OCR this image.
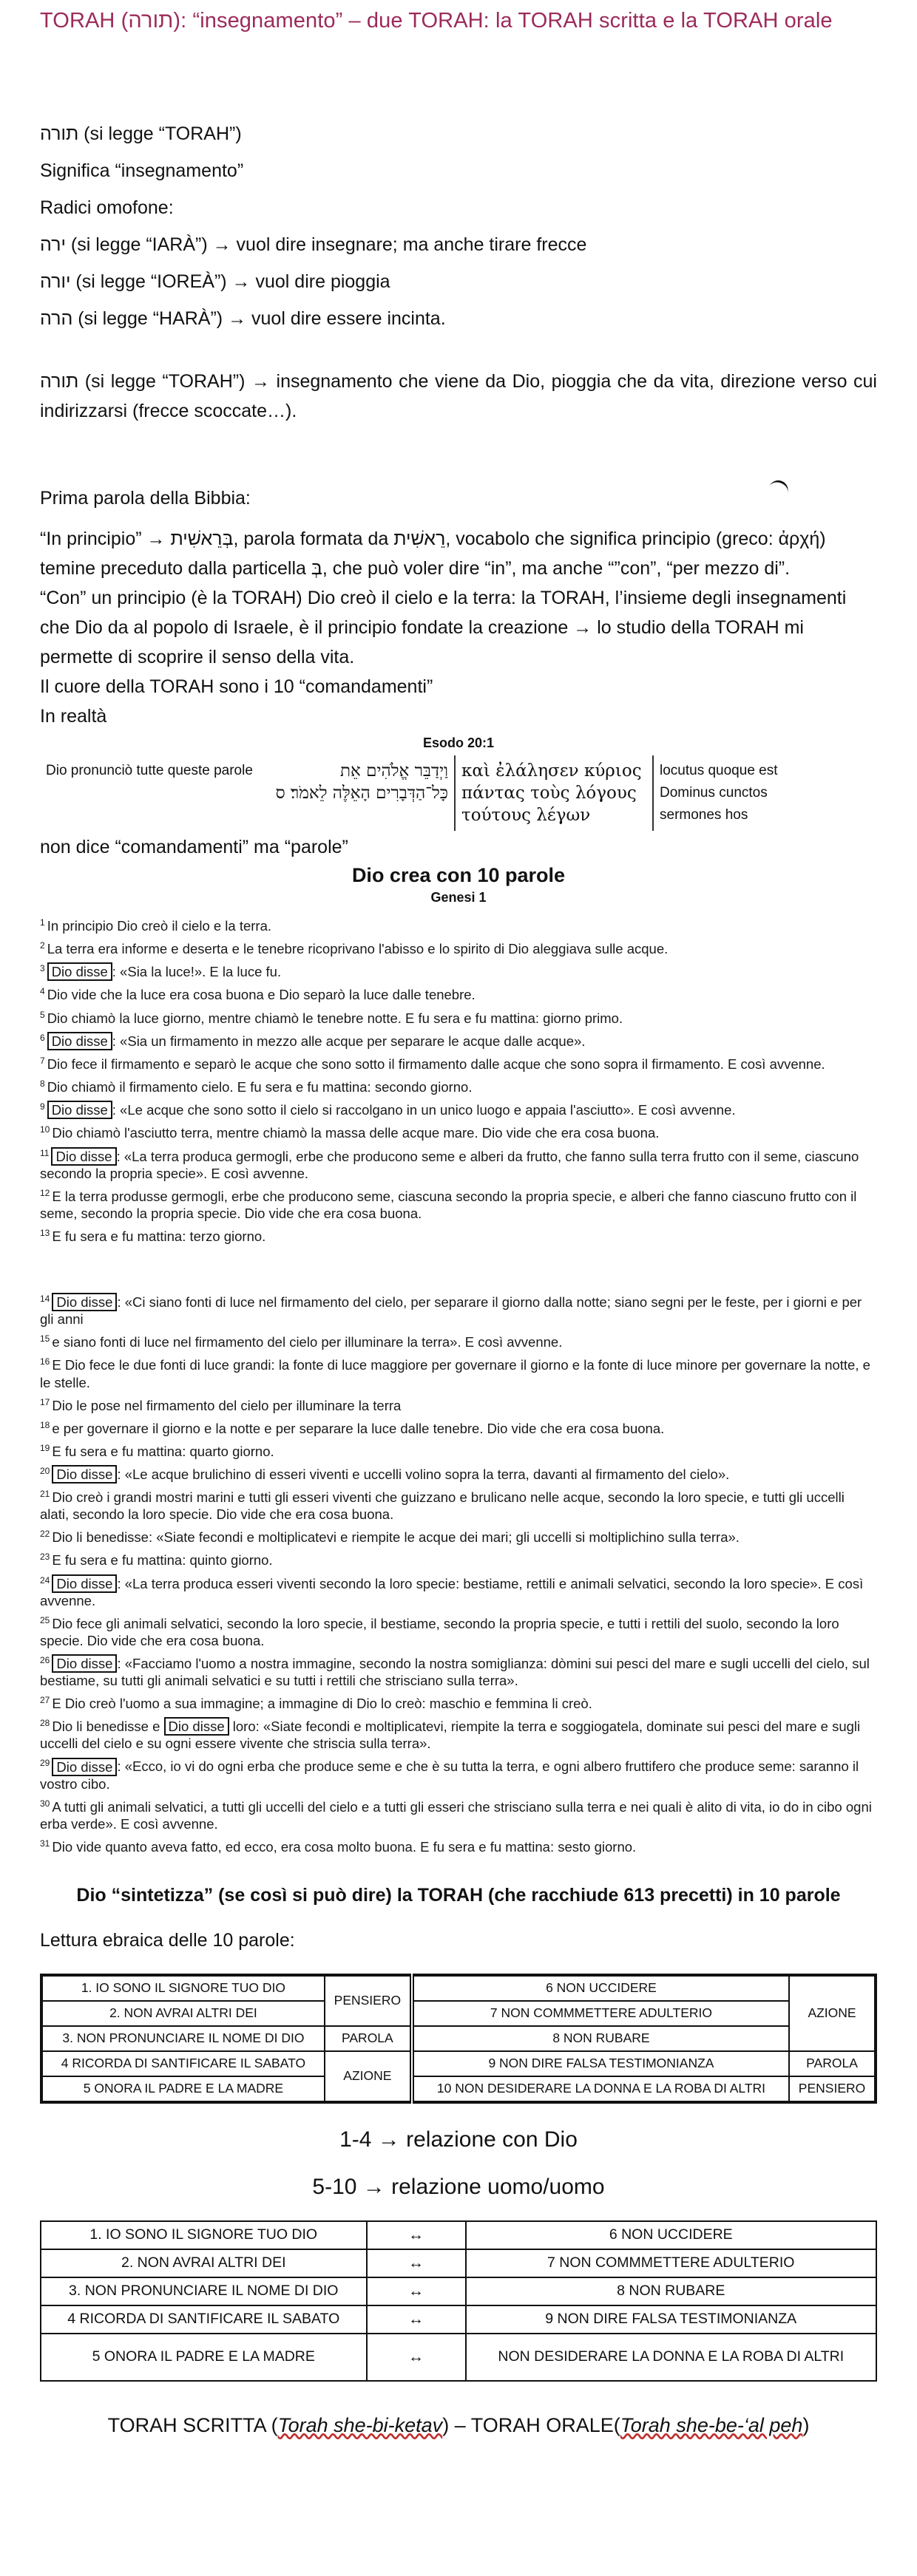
TORAH (תורה): “insegnamento” – due TORAH: la TORAH scritta e la TORAH orale
תורה (si legge “TORAH”)
Significa “insegnamento”
Radici omofone:
ירה (si legge “IARÀ”) → vuol dire insegnare; ma anche tirare frecce
יורה (si legge “IOREÀ”) → vuol dire pioggia
הרה (si legge “HARÀ”) → vuol dire essere incinta.
תורה (si legge “TORAH”) → insegnamento che viene da Dio, pioggia che da vita, direzione verso cui indirizzarsi (frecce scoccate…).
Prima parola della Bibbia:
“In principio” → בְּרֵאשִׁית, parola formata da רֵאשִׁית, vocabolo che significa principio (greco: ἀρχή) temine preceduto dalla particella בְּ, che può voler dire “in”, ma anche “”con”, “per mezzo di”.
“Con” un principio (è la TORAH) Dio creò il cielo e la terra: la TORAH, l’insieme degli insegnamenti che Dio da al popolo di Israele, è il principio fondate la creazione → lo studio della TORAH mi permette di scoprire il senso della vita.
Il cuore della TORAH sono i 10 “comandamenti”
In realtà
Esodo 20:1
Dio pronunciò tutte queste parole	וַיְדַבֵּר אֱלֹהִים אֵת כָּל־הַדְּבָרִים הָאֵלֶּה לֵאמֹר׃ ס
καὶ ἐλάλησεν κύριος πάντας τοὺς λόγους τούτους λέγων
locutus quoque est Dominus cunctos sermones hos
non dice “comandamenti” ma “parole”
Dio crea con 10 parole
Genesi 1
$^1$ In principio Dio creò il cielo e la terra.
$^2$ La terra era informe e deserta e le tenebre ricoprivano l'abisso e lo spirito di Dio aleggiava sulle acque.
$^3$ Dio disse : «Sia la luce!». E la luce fu.
$^4$ Dio vide che la luce era cosa buona e Dio separò la luce dalle tenebre.
$^5$ Dio chiamò la luce giorno, mentre chiamò le tenebre notte. E fu sera e fu mattina: giorno primo.
$^6$ Dio disse : «Sia un firmamento in mezzo alle acque per separare le acque dalle acque».
$^7$ Dio fece il firmamento e separò le acque che sono sotto il firmamento dalle acque che sono sopra il firmamento. E così avvenne.
$^8$ Dio chiamò il firmamento cielo. E fu sera e fu mattina: secondo giorno.
$^9$ Dio disse : «Le acque che sono sotto il cielo si raccolgano in un unico luogo e appaia l'asciutto». E così avvenne.
$^{10}$ Dio chiamò l'asciutto terra, mentre chiamò la massa delle acque mare. Dio vide che era cosa buona.
$^{11}$ Dio disse : «La terra produca germogli, erbe che producono seme e alberi da frutto, che fanno sulla terra frutto con il seme, ciascuno secondo la propria specie». E così avvenne.
$^{12}$ E la terra produsse germogli, erbe che producono seme, ciascuna secondo la propria specie, e alberi che fanno ciascuno frutto con il seme, secondo la propria specie. Dio vide che era cosa buona.
$^{13}$ E fu sera e fu mattina: terzo giorno.
$^{14}$ Dio disse : «Ci siano fonti di luce nel firmamento del cielo, per separare il giorno dalla notte; siano segni per le feste, per i giorni e per gli anni
$^{15}$ e siano fonti di luce nel firmamento del cielo per illuminare la terra». E così avvenne.
$^{16}$ E Dio fece le due fonti di luce grandi: la fonte di luce maggiore per governare il giorno e la fonte di luce minore per governare la notte, e le stelle.
$^{17}$ Dio le pose nel firmamento del cielo per illuminare la terra
$^{18}$ e per governare il giorno e la notte e per separare la luce dalle tenebre. Dio vide che era cosa buona.
$^{19}$ E fu sera e fu mattina: quarto giorno.
$^{20}$ Dio disse : «Le acque brulichino di esseri viventi e uccelli volino sopra la terra, davanti al firmamento del cielo».
$^{21}$ Dio creò i grandi mostri marini e tutti gli esseri viventi che guizzano e brulicano nelle acque, secondo la loro specie, e tutti gli uccelli alati, secondo la loro specie. Dio vide che era cosa buona.
$^{22}$ Dio li benedisse: «Siate fecondi e moltiplicatevi e riempite le acque dei mari; gli uccelli si moltiplichino sulla terra».
$^{23}$ E fu sera e fu mattina: quinto giorno.
$^{24}$ Dio disse : «La terra produca esseri viventi secondo la loro specie: bestiame, rettili e animali selvatici, secondo la loro specie». E così avvenne.
$^{25}$ Dio fece gli animali selvatici, secondo la loro specie, il bestiame, secondo la propria specie, e tutti i rettili del suolo, secondo la loro specie. Dio vide che era cosa buona.
$^{26}$ Dio disse : «Facciamo l'uomo a nostra immagine, secondo la nostra somiglianza: dòmini sui pesci del mare e sugli uccelli del cielo, sul bestiame, su tutti gli animali selvatici e su tutti i rettili che strisciano sulla terra».
$^{27}$ E Dio creò l'uomo a sua immagine; a immagine di Dio lo creò: maschio e femmina li creò.
$^{28}$ Dio li benedisse e Dio disse loro: «Siate fecondi e moltiplicatevi, riempite la terra e soggiogatela, dominate sui pesci del mare e sugli uccelli del cielo e su ogni essere vivente che striscia sulla terra».
$^{29}$ Dio disse : «Ecco, io vi do ogni erba che produce seme e che è su tutta la terra, e ogni albero fruttifero che produce seme: saranno il vostro cibo.
$^{30}$ A tutti gli animali selvatici, a tutti gli uccelli del cielo e a tutti gli esseri che strisciano sulla terra e nei quali è alito di vita, io do in cibo ogni erba verde». E così avvenne.
$^{31}$ Dio vide quanto aveva fatto, ed ecco, era cosa molto buona. E fu sera e fu mattina: sesto giorno.
Dio “sintetizza” (se così si può dire) la TORAH (che racchiude 613 precetti) in 10 parole
Lettura ebraica delle 10 parole:
1. IO SONO IL SIGNORE TUO DIO	PENSIERO	6 NON UCCIDERE	AZIONE
2. NON AVRAI ALTRI DEI		7 NON COMMMETTERE ADULTERIO	
3. NON PRONUNCIARE IL NOME DI DIO	PAROLA	8 NON RUBARE	
4 RICORDA DI SANTIFICARE IL SABATO	AZIONE	9 NON DIRE FALSA TESTIMONIANZA	PAROLA
5 ONORA IL PADRE E LA MADRE		10 NON DESIDERARE LA DONNA E LA ROBA DI ALTRI	PENSIERO
1-4 → relazione con Dio
5-10 → relazione uomo/uomo
1. IO SONO IL SIGNORE TUO DIO	↔	6 NON UCCIDERE
2. NON AVRAI ALTRI DEI	↔	7 NON COMMMETTERE ADULTERIO
3. NON PRONUNCIARE IL NOME DI DIO	↔	8 NON RUBARE
4 RICORDA DI SANTIFICARE IL SABATO	↔	9 NON DIRE FALSA TESTIMONIANZA
5 ONORA IL PADRE E LA MADRE	↔	NON DESIDERARE LA DONNA E LA ROBA DI ALTRI
TORAH SCRITTA (Torah she-bi-ketav) – TORAH ORALE(Torah she-be-‘al peh)
